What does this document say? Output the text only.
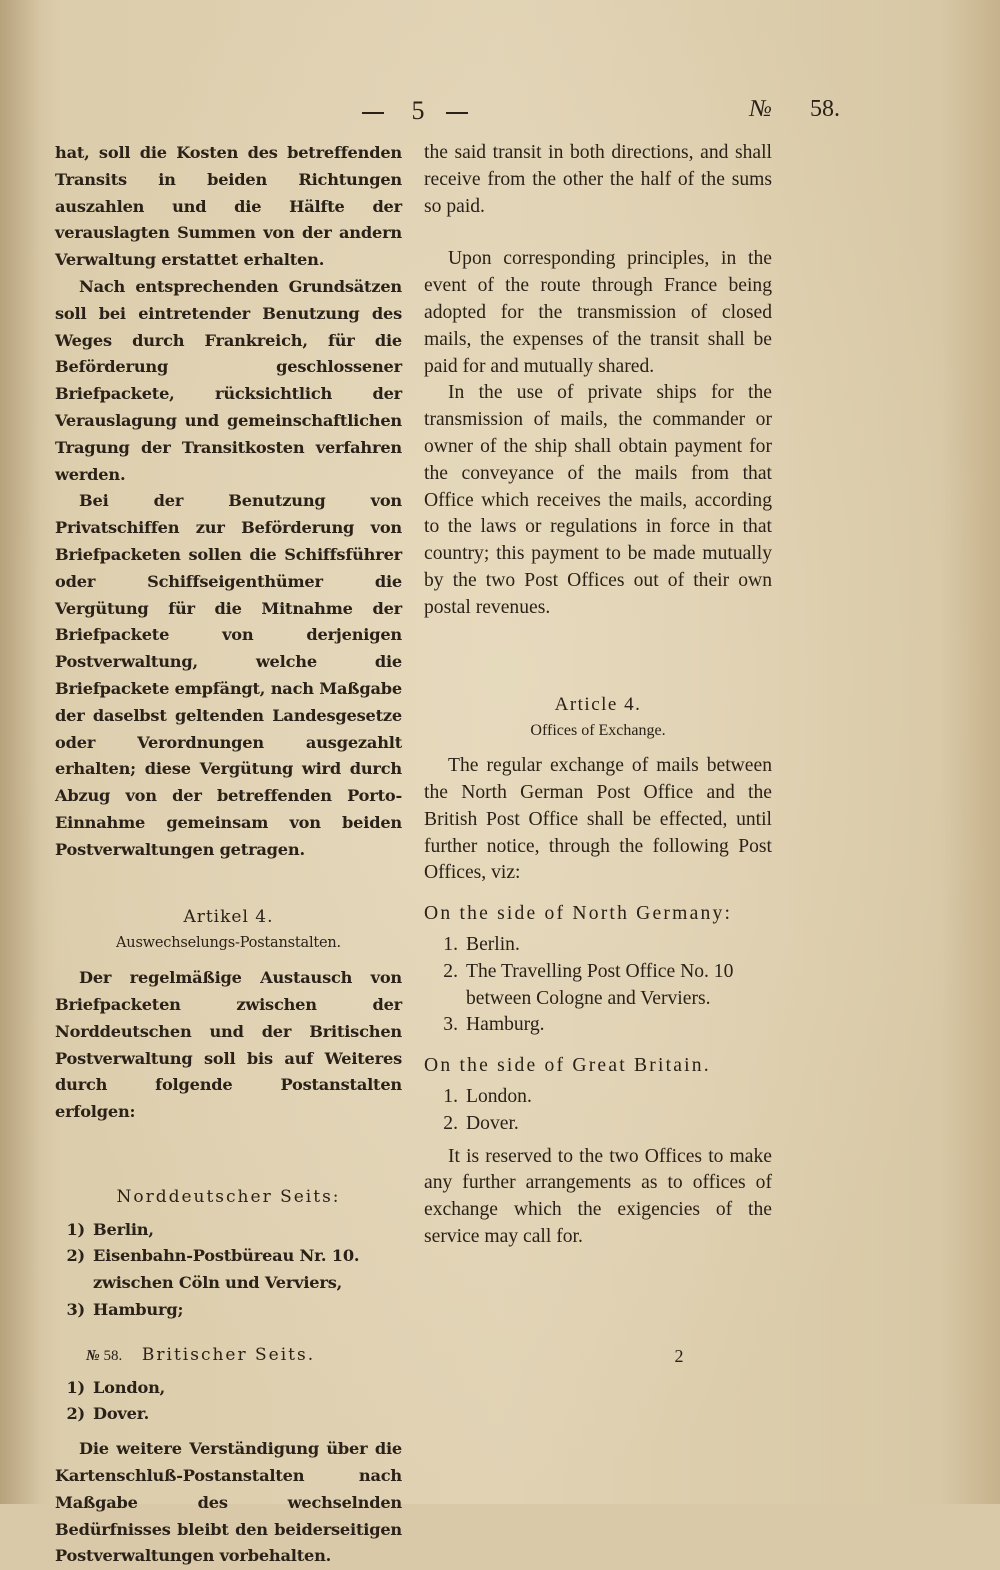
5	№ 58.

hat, soll die Kosten des betreffenden Transits in beiden Richtungen auszahlen und die Hälfte der verauslagten Summen von der andern Verwaltung erstattet erhalten.

Nach entsprechenden Grundsätzen soll bei eintretender Benutzung des Weges durch Frankreich, für die Beförderung geschlossener Briefpackete, rücksichtlich der Verauslagung und gemeinschaftlichen Tragung der Transitkosten verfahren werden.

Bei der Benutzung von Privatschiffen zur Beförderung von Briefpacketen sollen die Schiffsführer oder Schiffseigenthümer die Vergütung für die Mitnahme der Briefpackete von derjenigen Postverwaltung, welche die Briefpackete empfängt, nach Maßgabe der daselbst geltenden Landesgesetze oder Verordnungen ausgezahlt erhalten; diese Vergütung wird durch Abzug von der betreffenden Porto-Einnahme gemeinsam von beiden Postverwaltungen getragen.

Artikel 4.

Auswechselungs-Postanstalten.

Der regelmäßige Austausch von Briefpacketen zwischen der Norddeutschen und der Britischen Postverwaltung soll bis auf Weiteres durch folgende Postanstalten erfolgen:

Norddeutscher Seits:

1) Berlin,
2) Eisenbahn-Postbüreau Nr. 10. zwischen Cöln und Verviers,
3) Hamburg;

Britischer Seits.

1) London,
2) Dover.

Die weitere Verständigung über die Kartenschluß-Postanstalten nach Maßgabe des wechselnden Bedürfnisses bleibt den beiderseitigen Postverwaltungen vorbehalten.

the said transit in both directions, and shall receive from the other the half of the sums so paid.

Upon corresponding principles, in the event of the route through France being adopted for the transmission of closed mails, the expenses of the transit shall be paid for and mutually shared.

In the use of private ships for the transmission of mails, the commander or owner of the ship shall obtain payment for the conveyance of the mails from that Office which receives the mails, according to the laws or regulations in force in that country; this payment to be made mutually by the two Post Offices out of their own postal revenues.

Article 4.

Offices of Exchange.

The regular exchange of mails between the North German Post Office and the British Post Office shall be effected, until further notice, through the following Post Offices, viz:

On the side of North Germany:

1. Berlin.
2. The Travelling Post Office No. 10 between Cologne and Verviers.
3. Hamburg.

On the side of Great Britain.

1. London.
2. Dover.

It is reserved to the two Offices to make any further arrangements as to offices of exchange which the exigencies of the service may call for.

№ 58.	2
